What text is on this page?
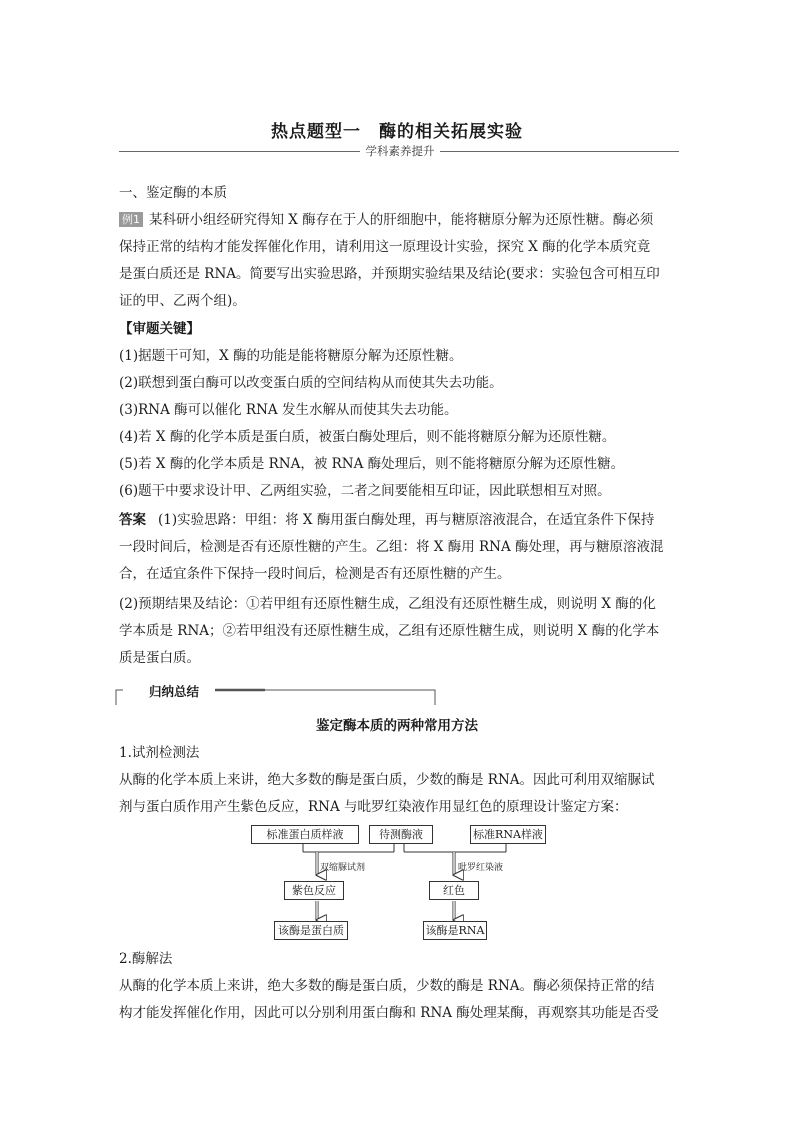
热点题型一　酶的相关拓展实验
学科素养提升
一、鉴定酶的本质
例1 某科研小组经研究得知 X 酶存在于人的肝细胞中，能将糖原分解为还原性糖。酶必须
保持正常的结构才能发挥催化作用，请利用这一原理设计实验，探究 X 酶的化学本质究竟
是蛋白质还是 RNA。简要写出实验思路，并预期实验结果及结论(要求：实验包含可相互印
证的甲、乙两个组)。
【审题关键】
(1)据题干可知，X 酶的功能是能将糖原分解为还原性糖。
(2)联想到蛋白酶可以改变蛋白质的空间结构从而使其失去功能。
(3)RNA 酶可以催化 RNA 发生水解从而使其失去功能。
(4)若 X 酶的化学本质是蛋白质，被蛋白酶处理后，则不能将糖原分解为还原性糖。
(5)若 X 酶的化学本质是 RNA，被 RNA 酶处理后，则不能将糖原分解为还原性糖。
(6)题干中要求设计甲、乙两组实验，二者之间要能相互印证，因此联想相互对照。
答案 (1)实验思路：甲组：将 X 酶用蛋白酶处理，再与糖原溶液混合，在适宜条件下保持
一段时间后，检测是否有还原性糖的产生。乙组：将 X 酶用 RNA 酶处理，再与糖原溶液混
合，在适宜条件下保持一段时间后，检测是否有还原性糖的产生。
(2)预期结果及结论：①若甲组有还原性糖生成，乙组没有还原性糖生成，则说明 X 酶的化
学本质是 RNA；②若甲组没有还原性糖生成，乙组有还原性糖生成，则说明 X 酶的化学本
质是蛋白质。
归纳总结
鉴定酶本质的两种常用方法
1.试剂检测法
从酶的化学本质上来讲，绝大多数的酶是蛋白质，少数的酶是 RNA。因此可利用双缩脲试
剂与蛋白质作用产生紫色反应，RNA 与吡罗红染液作用显红色的原理设计鉴定方案：
标准蛋白质样液	待测酶液	标准RNA样液
双缩脲试剂	吡罗红染液
紫色反应	红色
该酶是蛋白质	该酶是RNA
2.酶解法
从酶的化学本质上来讲，绝大多数的酶是蛋白质，少数的酶是 RNA。酶必须保持正常的结
构才能发挥催化作用，因此可以分别利用蛋白酶和 RNA 酶处理某酶，再观察其功能是否受
